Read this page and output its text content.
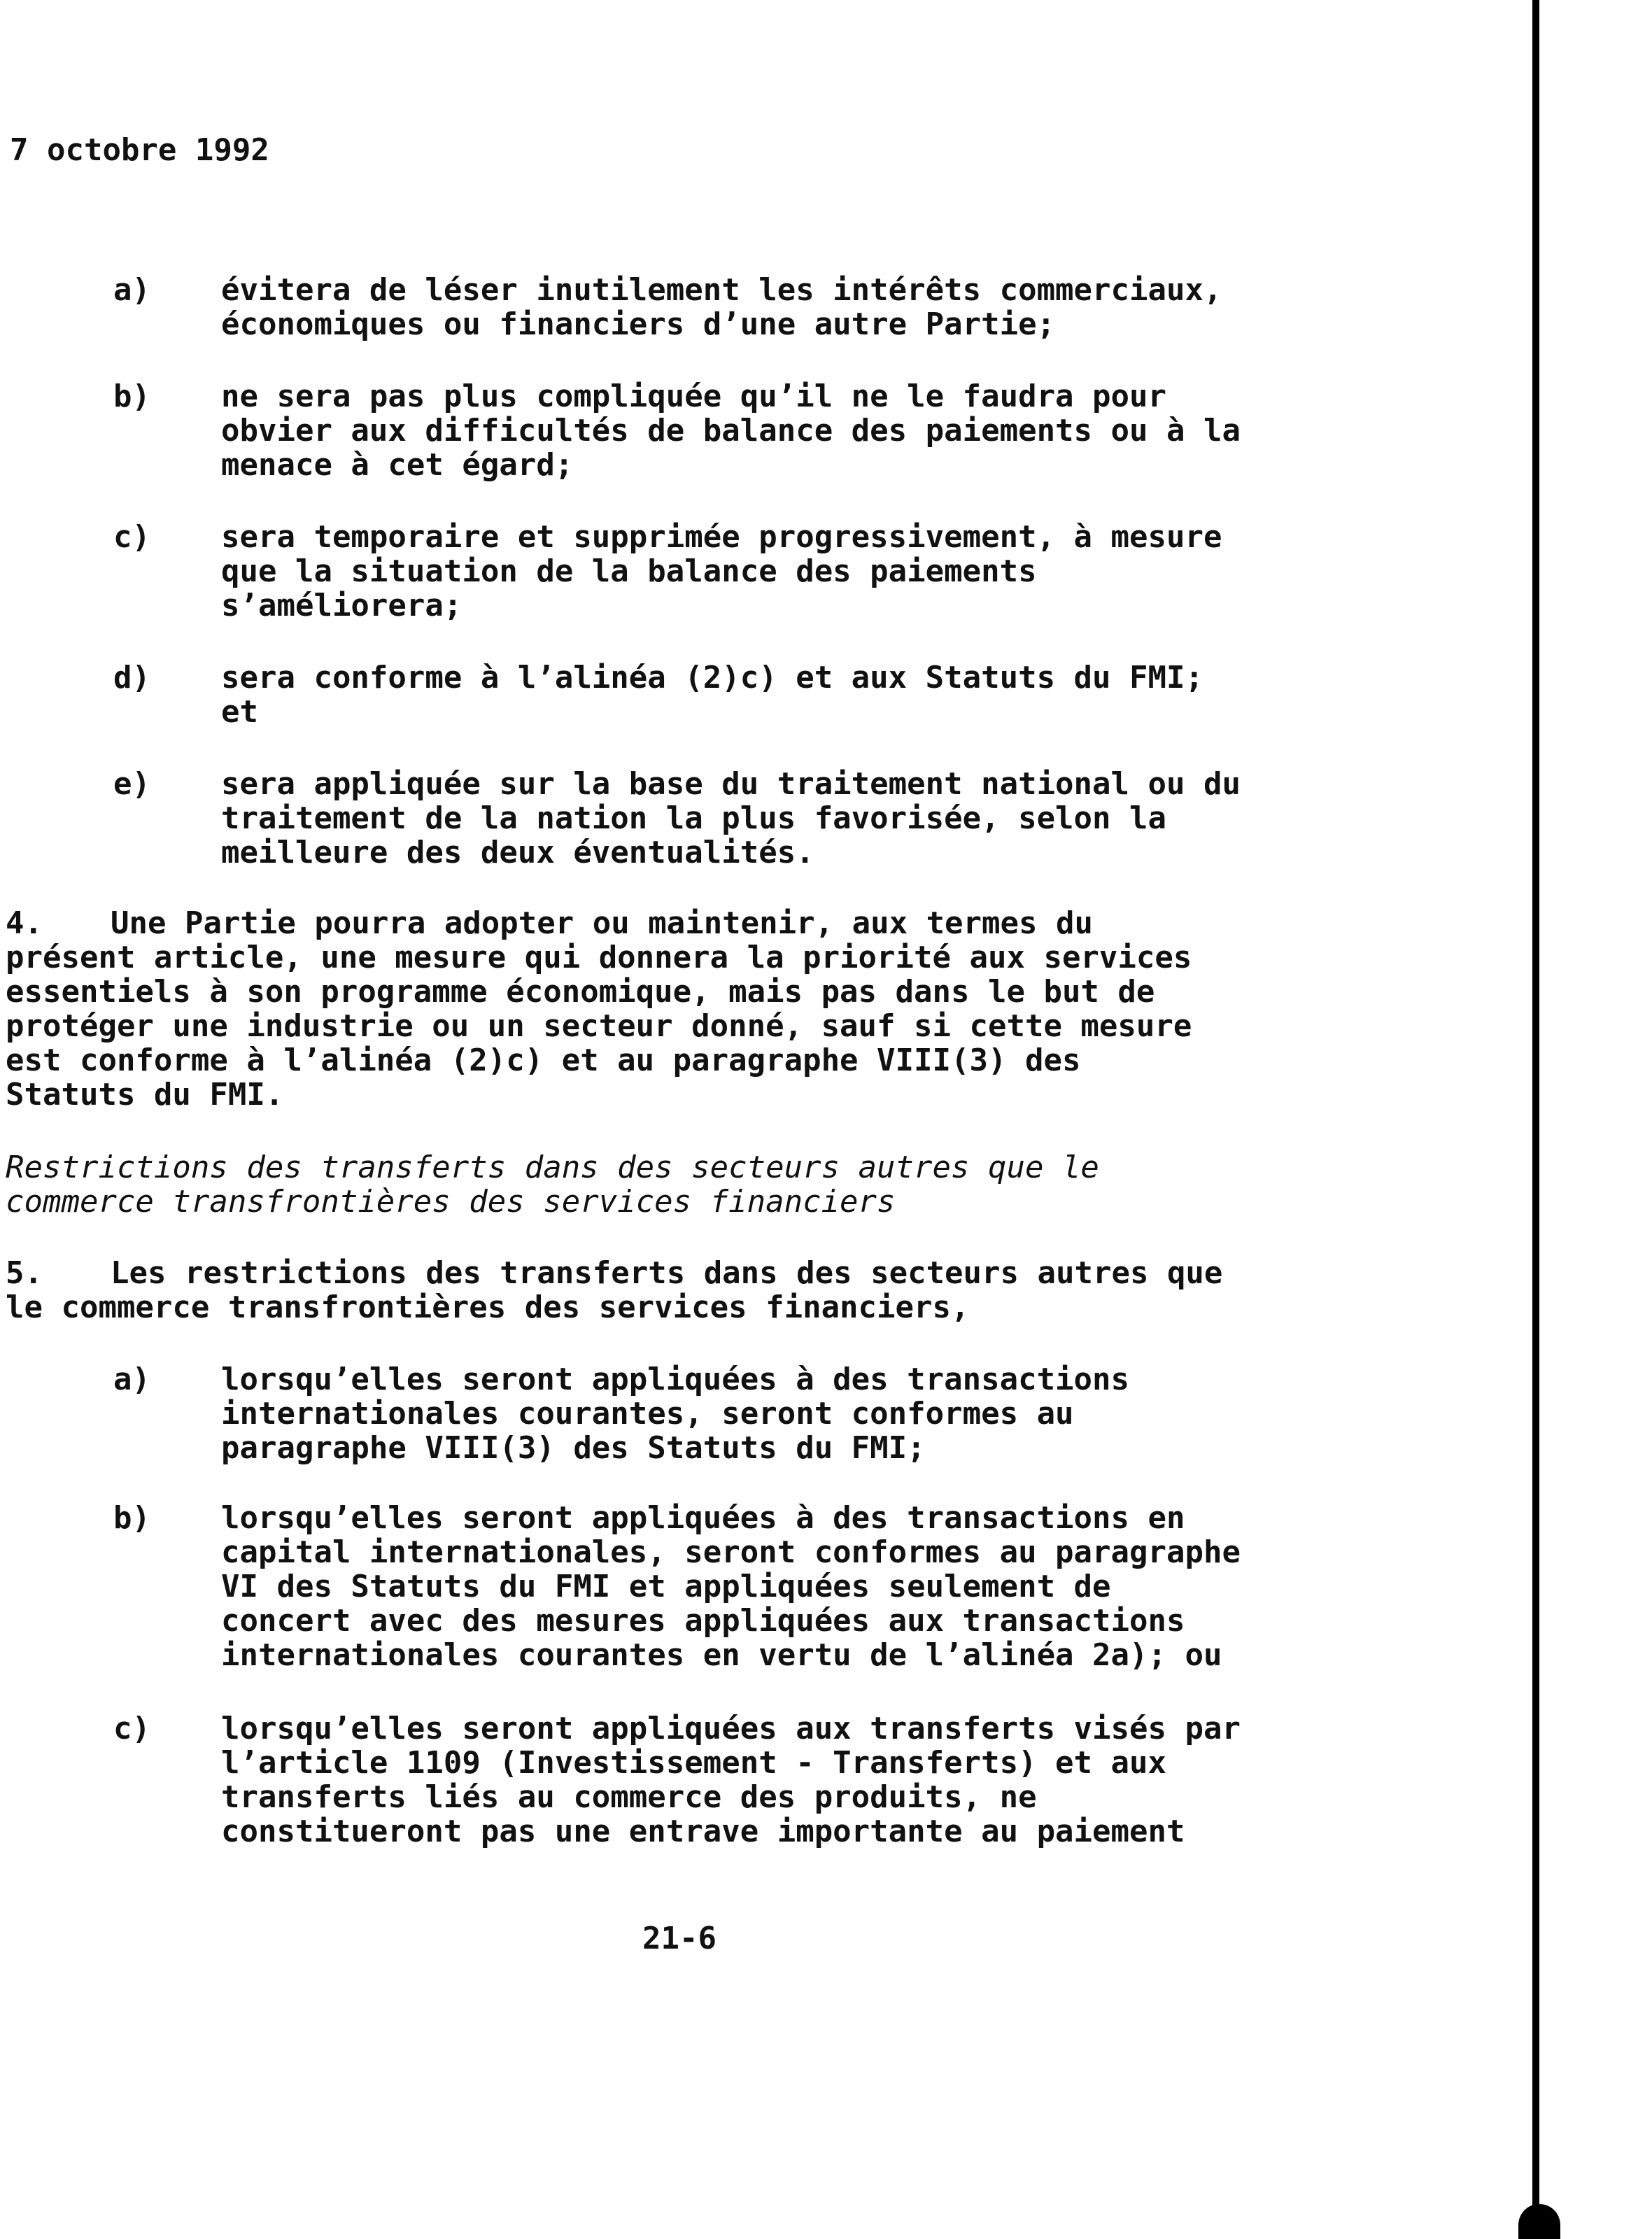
7 octobre 1992
a) évitera de léser inutilement les intérêts commerciaux,
économiques ou financiers d’une autre Partie;
b) ne sera pas plus compliquée qu’il ne le faudra pour
obvier aux difficultés de balance des paiements ou à la
menace à cet égard;
c) sera temporaire et supprimée progressivement, à mesure
que la situation de la balance des paiements
s’améliorera;
d) sera conforme à l’alinéa (2)c) et aux Statuts du FMI;
et
e) sera appliquée sur la base du traitement national ou du
traitement de la nation la plus favorisée, selon la
meilleure des deux éventualités.
4. Une Partie pourra adopter ou maintenir, aux termes du
présent article, une mesure qui donnera la priorité aux services
essentiels à son programme économique, mais pas dans le but de
protéger une industrie ou un secteur donné, sauf si cette mesure
est conforme à l’alinéa (2)c) et au paragraphe VIII(3) des
Statuts du FMI.
Restrictions des transferts dans des secteurs autres que le
commerce transfrontières des services financiers
5. Les restrictions des transferts dans des secteurs autres que
le commerce transfrontières des services financiers,
a) lorsqu’elles seront appliquées à des transactions
internationales courantes, seront conformes au
paragraphe VIII(3) des Statuts du FMI;
b) lorsqu’elles seront appliquées à des transactions en
capital internationales, seront conformes au paragraphe
VI des Statuts du FMI et appliquées seulement de
concert avec des mesures appliquées aux transactions
internationales courantes en vertu de l’alinéa 2a); ou
c) lorsqu’elles seront appliquées aux transferts visés par
l’article 1109 (Investissement - Transferts) et aux
transferts liés au commerce des produits, ne
constitueront pas une entrave importante au paiement
21-6
